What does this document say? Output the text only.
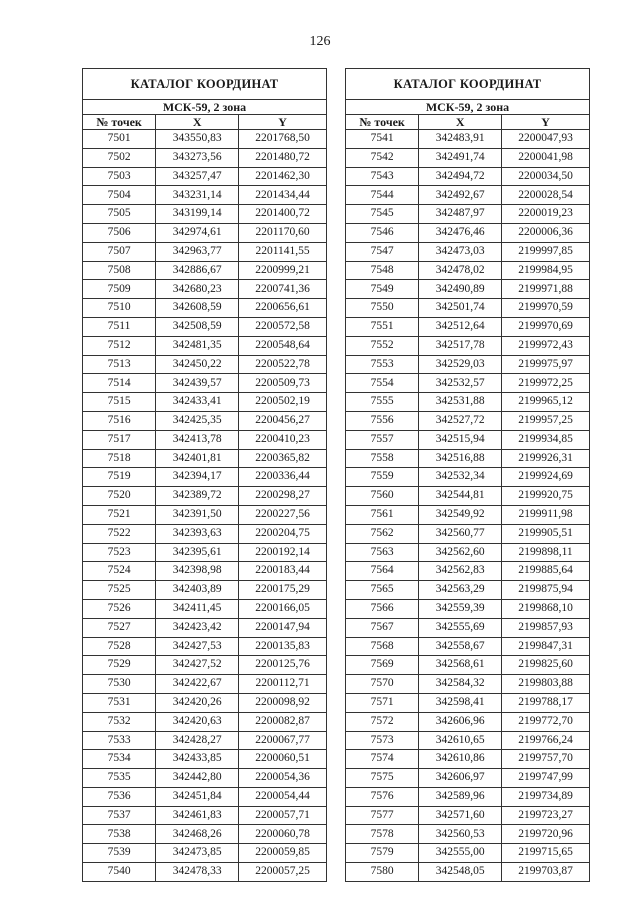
126
КАТАЛОГ КООРДИНАТ		
МСК-59, 2 зона		
№ точек	X	Y
7501	343550,83	2201768,50
7502	343273,56	2201480,72
7503	343257,47	2201462,30
7504	343231,14	2201434,44
7505	343199,14	2201400,72
7506	342974,61	2201170,60
7507	342963,77	2201141,55
7508	342886,67	2200999,21
7509	342680,23	2200741,36
7510	342608,59	2200656,61
7511	342508,59	2200572,58
7512	342481,35	2200548,64
7513	342450,22	2200522,78
7514	342439,57	2200509,73
7515	342433,41	2200502,19
7516	342425,35	2200456,27
7517	342413,78	2200410,23
7518	342401,81	2200365,82
7519	342394,17	2200336,44
7520	342389,72	2200298,27
7521	342391,50	2200227,56
7522	342393,63	2200204,75
7523	342395,61	2200192,14
7524	342398,98	2200183,44
7525	342403,89	2200175,29
7526	342411,45	2200166,05
7527	342423,42	2200147,94
7528	342427,53	2200135,83
7529	342427,52	2200125,76
7530	342422,67	2200112,71
7531	342420,26	2200098,92
7532	342420,63	2200082,87
7533	342428,27	2200067,77
7534	342433,85	2200060,51
7535	342442,80	2200054,36
7536	342451,84	2200054,44
7537	342461,83	2200057,71
7538	342468,26	2200060,78
7539	342473,85	2200059,85
7540	342478,33	2200057,25
КАТАЛОГ КООРДИНАТ		
МСК-59, 2 зона		
№ точек	X	Y
7541	342483,91	2200047,93
7542	342491,74	2200041,98
7543	342494,72	2200034,50
7544	342492,67	2200028,54
7545	342487,97	2200019,23
7546	342476,46	2200006,36
7547	342473,03	2199997,85
7548	342478,02	2199984,95
7549	342490,89	2199971,88
7550	342501,74	2199970,59
7551	342512,64	2199970,69
7552	342517,78	2199972,43
7553	342529,03	2199975,97
7554	342532,57	2199972,25
7555	342531,88	2199965,12
7556	342527,72	2199957,25
7557	342515,94	2199934,85
7558	342516,88	2199926,31
7559	342532,34	2199924,69
7560	342544,81	2199920,75
7561	342549,92	2199911,98
7562	342560,77	2199905,51
7563	342562,60	2199898,11
7564	342562,83	2199885,64
7565	342563,29	2199875,94
7566	342559,39	2199868,10
7567	342555,69	2199857,93
7568	342558,67	2199847,31
7569	342568,61	2199825,60
7570	342584,32	2199803,88
7571	342598,41	2199788,17
7572	342606,96	2199772,70
7573	342610,65	2199766,24
7574	342610,86	2199757,70
7575	342606,97	2199747,99
7576	342589,96	2199734,89
7577	342571,60	2199723,27
7578	342560,53	2199720,96
7579	342555,00	2199715,65
7580	342548,05	2199703,87
